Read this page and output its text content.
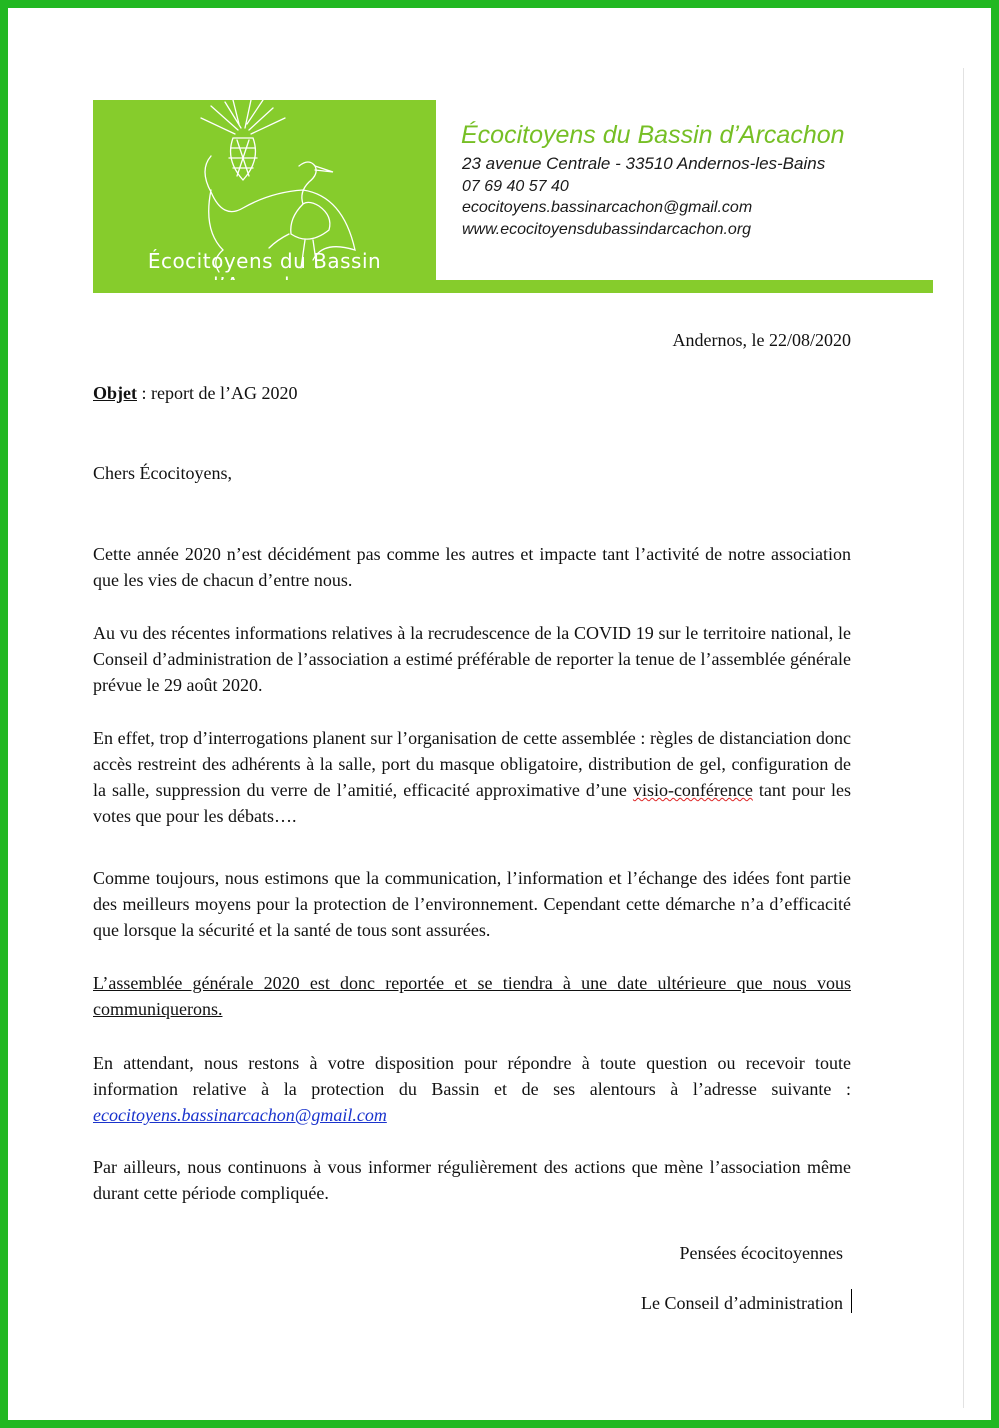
Écocitoyens du Bassin
Écocitoyens du Bassin d’Arcachon
23 avenue Centrale - 33510 Andernos-les-Bains
07 69 40 57 40
ecocitoyens.bassinarcachon@gmail.com
www.ecocitoyensdubassindarcachon.org
Andernos, le 22/08/2020
Objet : report de l’AG 2020
Chers Écocitoyens,
Cette année 2020 n’est décidément pas comme les autres et impacte tant l’activité de notre association que les vies de chacun d’entre nous.
Au vu des récentes informations relatives à la recrudescence de la COVID 19 sur le territoire national, le Conseil d’administration de l’association a estimé préférable de reporter la tenue de l’assemblée générale prévue le 29 août 2020.
En effet, trop d’interrogations planent sur l’organisation de cette assemblée : règles de distanciation donc accès restreint des adhérents à la salle, port du masque obligatoire, distribution de gel, configuration de la salle, suppression du verre de l’amitié, efficacité approximative d’une visio-conférence tant pour les votes que pour les débats….
Comme toujours, nous estimons que la communication, l’information et l’échange des idées font partie des meilleurs moyens pour la protection de l’environnement. Cependant cette démarche n’a d’efficacité que lorsque la sécurité et la santé de tous sont assurées.
L’assemblée générale 2020 est donc reportée et se tiendra à une date ultérieure que nous vous communiquerons.
En attendant, nous restons à votre disposition pour répondre à toute question ou recevoir toute information relative à la protection du Bassin et de ses alentours à l’adresse suivante : ecocitoyens.bassinarcachon@gmail.com
Par ailleurs, nous continuons à vous informer régulièrement des actions que mène l’association même durant cette période compliquée.
Pensées écocitoyennes
Le Conseil d’administration
